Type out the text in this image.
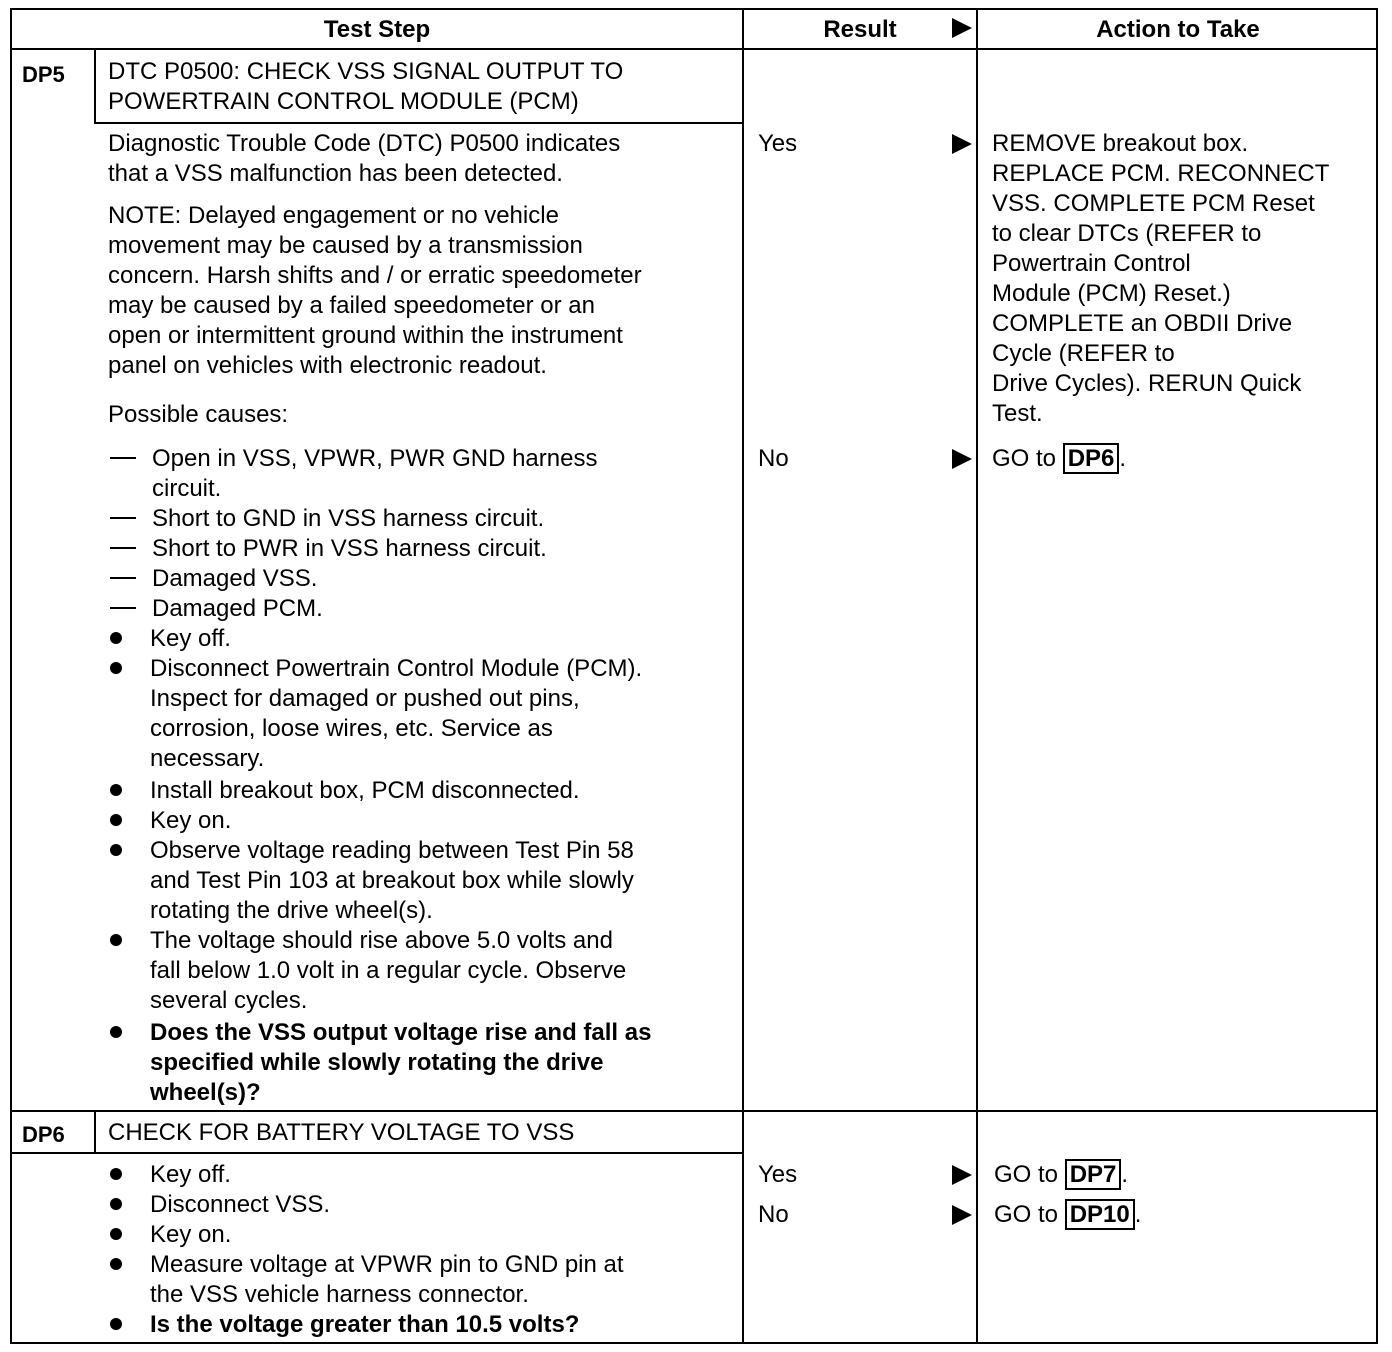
Test Step	Result	Action to Take
DP5 DTC P0500: CHECK VSS SIGNAL OUTPUT TO
POWERTRAIN CONTROL MODULE (PCM)
Diagnostic Trouble Code (DTC) P0500 indicates
that a VSS malfunction has been detected.
NOTE: Delayed engagement or no vehicle
movement may be caused by a transmission
concern. Harsh shifts and / or erratic speedometer
may be caused by a failed speedometer or an
open or intermittent ground within the instrument
panel on vehicles with electronic readout.
Possible causes:
Open in VSS, VPWR, PWR GND harness
circuit.
Short to GND in VSS harness circuit.
Short to PWR in VSS harness circuit.
Damaged VSS.
Damaged PCM.
Key off.
Disconnect Powertrain Control Module (PCM).
Inspect for damaged or pushed out pins,
corrosion, loose wires, etc. Service as
necessary.
Install breakout box, PCM disconnected.
Key on.
Observe voltage reading between Test Pin 58
and Test Pin 103 at breakout box while slowly
rotating the drive wheel(s).
The voltage should rise above 5.0 volts and
fall below 1.0 volt in a regular cycle. Observe
several cycles.
Does the VSS output voltage rise and fall as
specified while slowly rotating the drive
wheel(s)?
Yes	REMOVE breakout box.
REPLACE PCM. RECONNECT
VSS. COMPLETE PCM Reset
to clear DTCs (REFER to
Powertrain Control
Module (PCM) Reset.)
COMPLETE an OBDII Drive
Cycle (REFER to
Drive Cycles). RERUN Quick
Test.
No	GO to DP6 .
DP6 CHECK FOR BATTERY VOLTAGE TO VSS
Key off.
Disconnect VSS.
Key on.
Measure voltage at VPWR pin to GND pin at
the VSS vehicle harness connector.
Is the voltage greater than 10.5 volts?
Yes	GO to DP7 .
No	GO to DP10 .
